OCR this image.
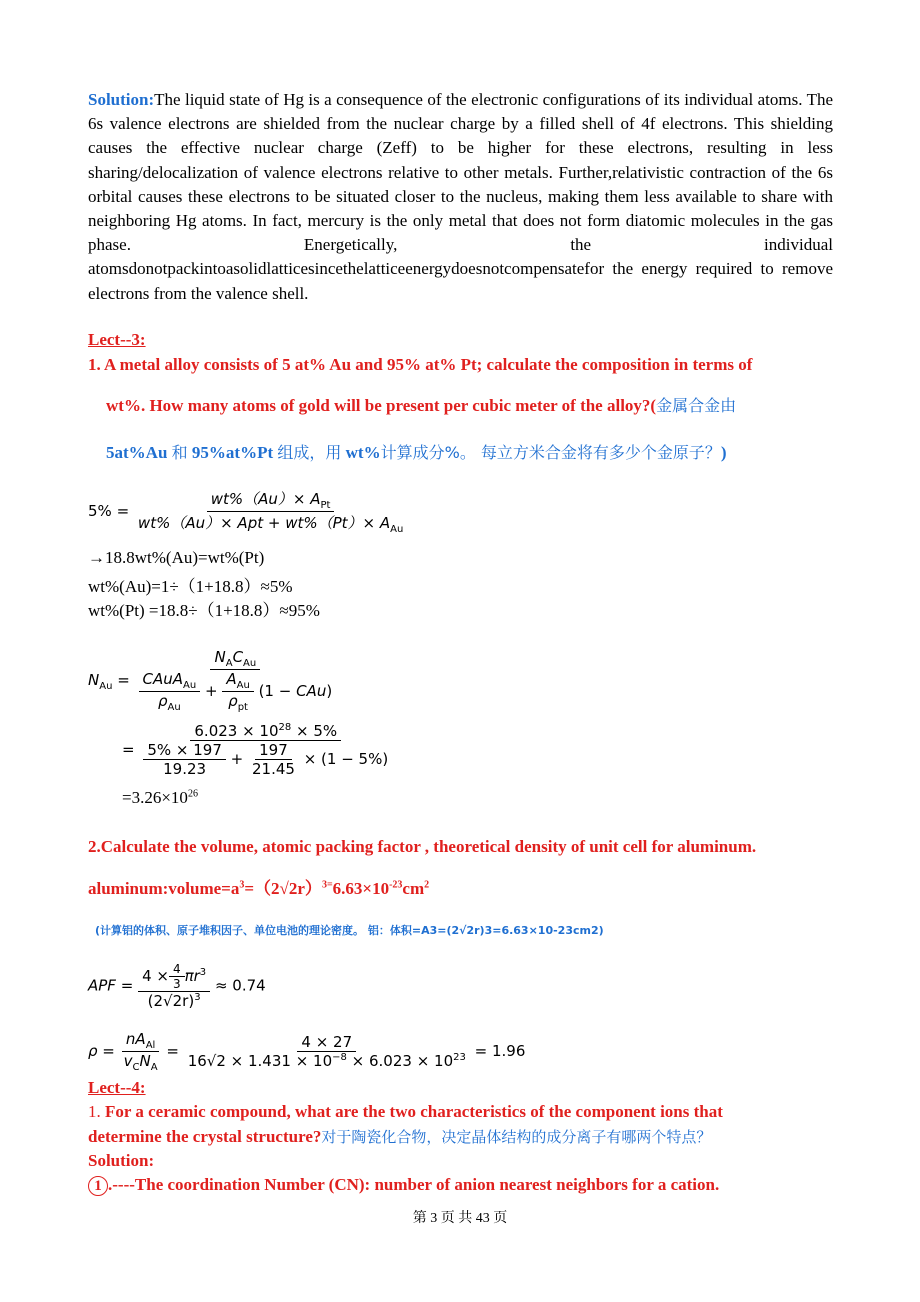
Solution:The liquid state of Hg is a consequence of the electronic configurations of its individual atoms. The 6s valence electrons are shielded from the nuclear charge by a filled shell of 4f electrons. This shielding causes the effective nuclear charge (Zeff) to be higher for these electrons, resulting in less sharing/delocalization of valence electrons relative to other metals. Further,relativistic contraction of the 6s orbital causes these electrons to be situated closer to the nucleus, making them less available to share with neighboring Hg atoms. In fact, mercury is the only metal that does not form diatomic molecules in the gas phase. Energetically, the individual atomsdonotpackintoasolidlatticesincethelatticeenergydoesnotcompensatefor the energy required to remove electrons from the valence shell.
Lect--3:
1. A metal alloy consists of 5 at% Au and 95% at% Pt; calculate the composition in terms of
wt%. How many atoms of gold will be present per cubic meter of the alloy?(金属合金由
5at%Au 和 95%at%Pt 组成，用 wt%计算成分%。 每立方米合金将有多少个金原子？)
$5\% = \frac{wt\%(Au)\times A_{Pt}}{wt\%(Au)\times Apt + wt\%(Pt)\times A_{Au}}$
→18.8wt%(Au)=wt%(Pt)
wt%(Au)=1÷（1+18.8）≈5%
wt%(Pt) =18.8÷（1+18.8）≈95%
$N_{Au} = \frac{N_AC_{Au}}{\frac{CAuA_{Au}}{\rho_{Au}} + \frac{A_{Au}}{\rho_{pt}} (1 - CAu)}$
= $\frac{6.023 \times 10^{28} \times 5\%}{\frac{5\% \times 197}{19.23} + \frac{197}{21.45} \times (1 - 5\%)}$
$=3.26\times 10^{26}$
2.Calculate the volume, atomic packing factor , theoretical density of unit cell for aluminum.
$aluminum:volume=a^3=(2√2r)^{3=}6.63\times 10^{-23}cm^2$
(计算铝的体积、原子堆积因子、单位电池的理论密度。 铝：体积=A3=(2√2r)3=6.63×10-23cm2)
APF = $\frac{4 \times \frac{4}{3} \pi r^3}{(2√2r)^3} \approx 0.74$
$\rho = \frac{nA_{Al}}{v_CN_A} = \frac{4 \times 27}{16√2 \times 1.431 \times 10^{-8} \times 6.023 \times 10^{23}} = 1.96$
Lect--4:
1. For a ceramic compound, what are the two characteristics of the component ions that
determine the crystal structure?对于陶瓷化合物，决定晶体结构的成分离子有哪两个特点？
Solution:
1 .----The coordination Number (CN): number of anion nearest neighbors for a cation.
第 3 页 共 43 页
